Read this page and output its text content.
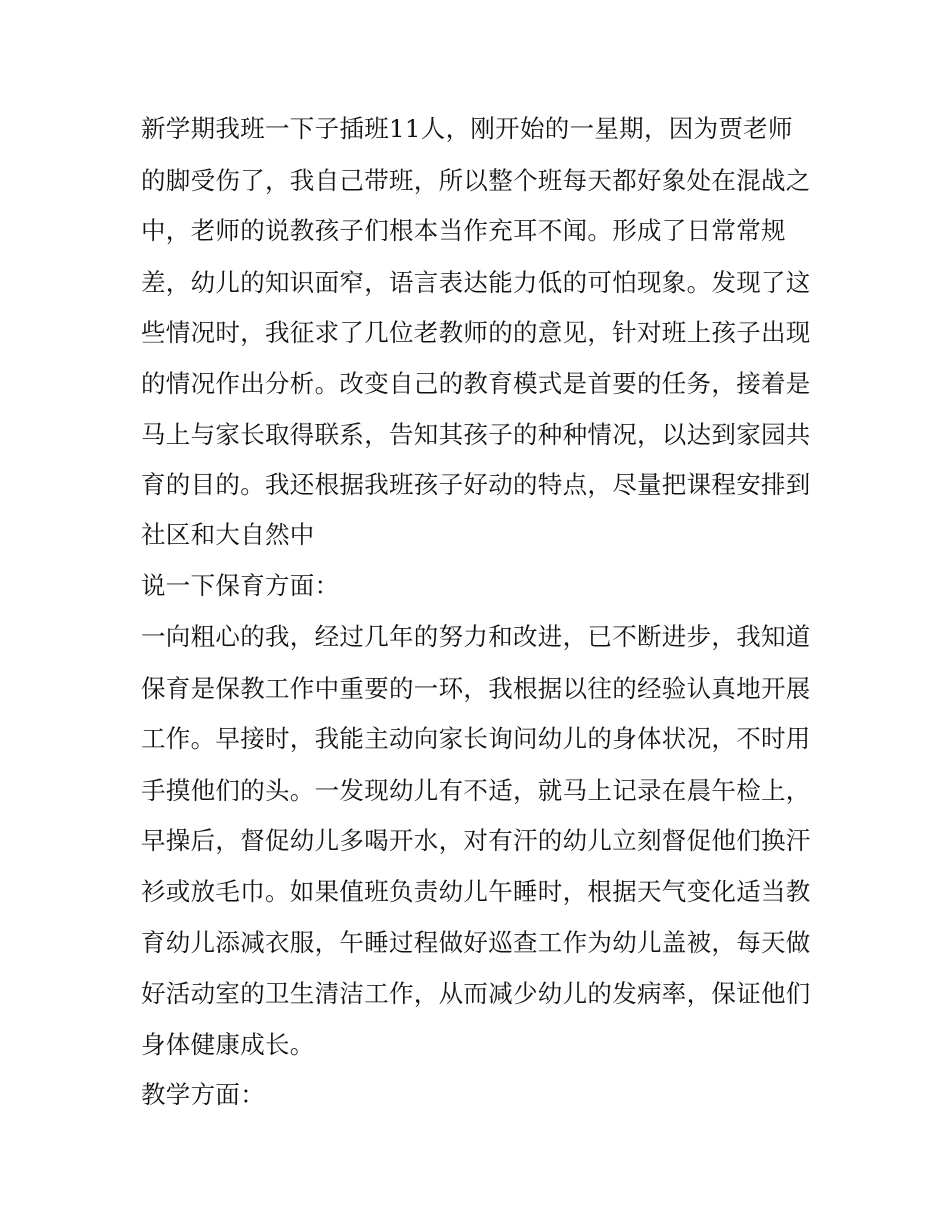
新学期我班一下子插班11人，刚开始的一星期，因为贾老师

的脚受伤了，我自己带班，所以整个班每天都好象处在混战之

中，老师的说教孩子们根本当作充耳不闻。形成了日常常规

差，幼儿的知识面窄，语言表达能力低的可怕现象。发现了这

些情况时，我征求了几位老教师的的意见，针对班上孩子出现

的情况作出分析。改变自己的教育模式是首要的任务，接着是

马上与家长取得联系，告知其孩子的种种情况，以达到家园共

育的目的。我还根据我班孩子好动的特点，尽量把课程安排到

社区和大自然中

说一下保育方面：

一向粗心的我，经过几年的努力和改进，已不断进步，我知道

保育是保教工作中重要的一环，我根据以往的经验认真地开展

工作。早接时，我能主动向家长询问幼儿的身体状况，不时用

手摸他们的头。一发现幼儿有不适，就马上记录在晨午检上，

早操后，督促幼儿多喝开水，对有汗的幼儿立刻督促他们换汗

衫或放毛巾。如果值班负责幼儿午睡时，根据天气变化适当教

育幼儿添减衣服，午睡过程做好巡查工作为幼儿盖被，每天做

好活动室的卫生清洁工作，从而减少幼儿的发病率，保证他们

身体健康成长。

教学方面：
